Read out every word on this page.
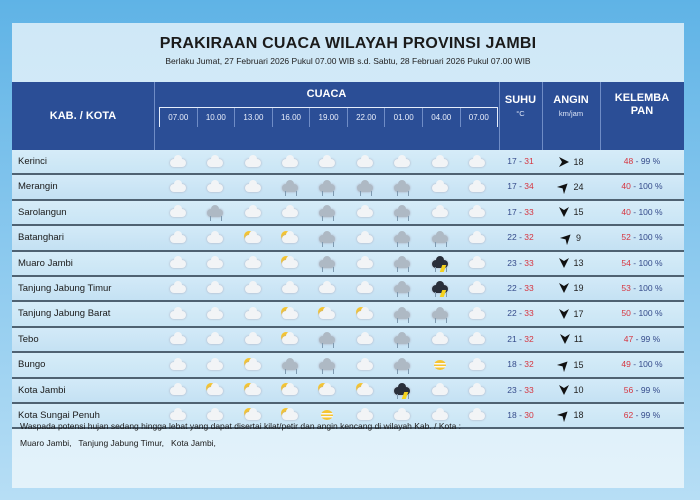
PRAKIRAAN CUACA WILAYAH PROVINSI JAMBI
Berlaku Jumat, 27 Februari 2026 Pukul 07.00 WIB s.d. Sabtu, 28 Februari 2026 Pukul 07.00 WIB
KAB. / KOTA
CUACA
07.00	10.00	13.00	16.00	19.00	22.00	01.00	04.00	07.00
SUHU
°C
ANGIN
km/jam
KELEMBA
PAN
Kerinci	17 - 31	18	48 - 99 %
Merangin	17 - 34	24	40 - 100 %
Sarolangun	17 - 33	15	40 - 100 %
Batanghari	22 - 32	9	52 - 100 %
Muaro Jambi	23 - 33	13	54 - 100 %
Tanjung Jabung Timur	22 - 33	19	53 - 100 %
Tanjung Jabung Barat	22 - 33	17	50 - 100 %
Tebo	21 - 32	11	47 - 99 %
Bungo	18 - 32	15	49 - 100 %
Kota Jambi	23 - 33	10	56 - 99 %
Kota Sungai Penuh	18 - 30	18	62 - 99 %
Waspada potensi hujan sedang hingga lebat yang dapat disertai kilat/petir dan angin kencang di wilayah Kab. / Kota :
Muaro Jambi,   Tanjung Jabung Timur,   Kota Jambi,
